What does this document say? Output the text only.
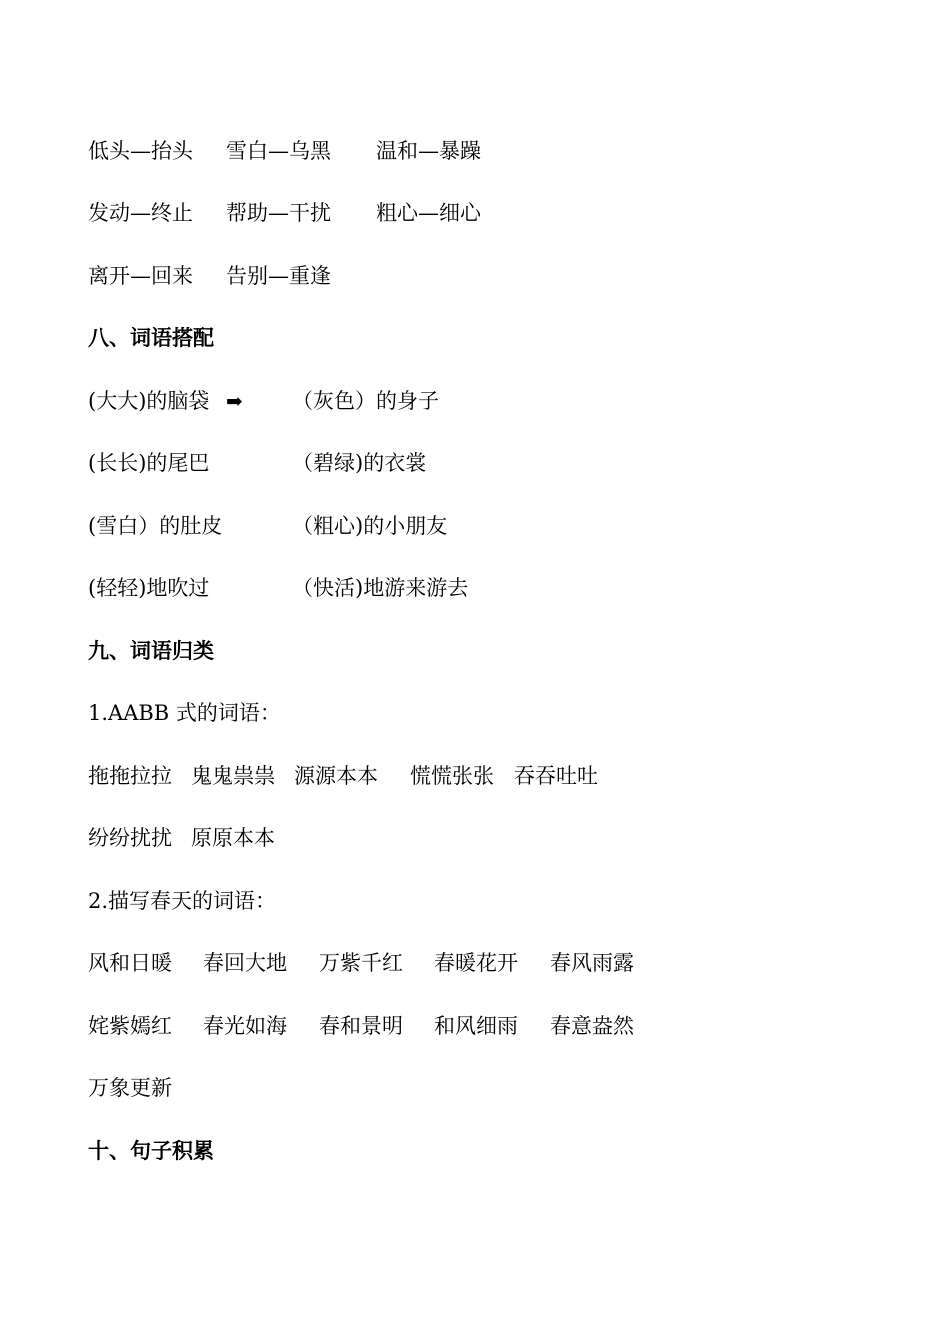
低头—抬头 雪白—乌黑 温和—暴躁
发动—终止 帮助—干扰 粗心—细心
离开—回来 告别—重逢
八、词语搭配
(大大)的脑袋 ➡ （灰色）的身子
(长长)的尾巴	（碧绿)的衣裳
(雪白）的肚皮	（粗心)的小朋友
(轻轻)地吹过	（快活)地游来游去
九、词语归类
1.AABB 式的词语：
拖拖拉拉 鬼鬼祟祟 源源本本 慌慌张张 吞吞吐吐
纷纷扰扰 原原本本
2.描写春天的词语：
风和日暖 春回大地 万紫千红 春暖花开 春风雨露
姹紫嫣红 春光如海 春和景明 和风细雨 春意盎然
万象更新
十、句子积累
